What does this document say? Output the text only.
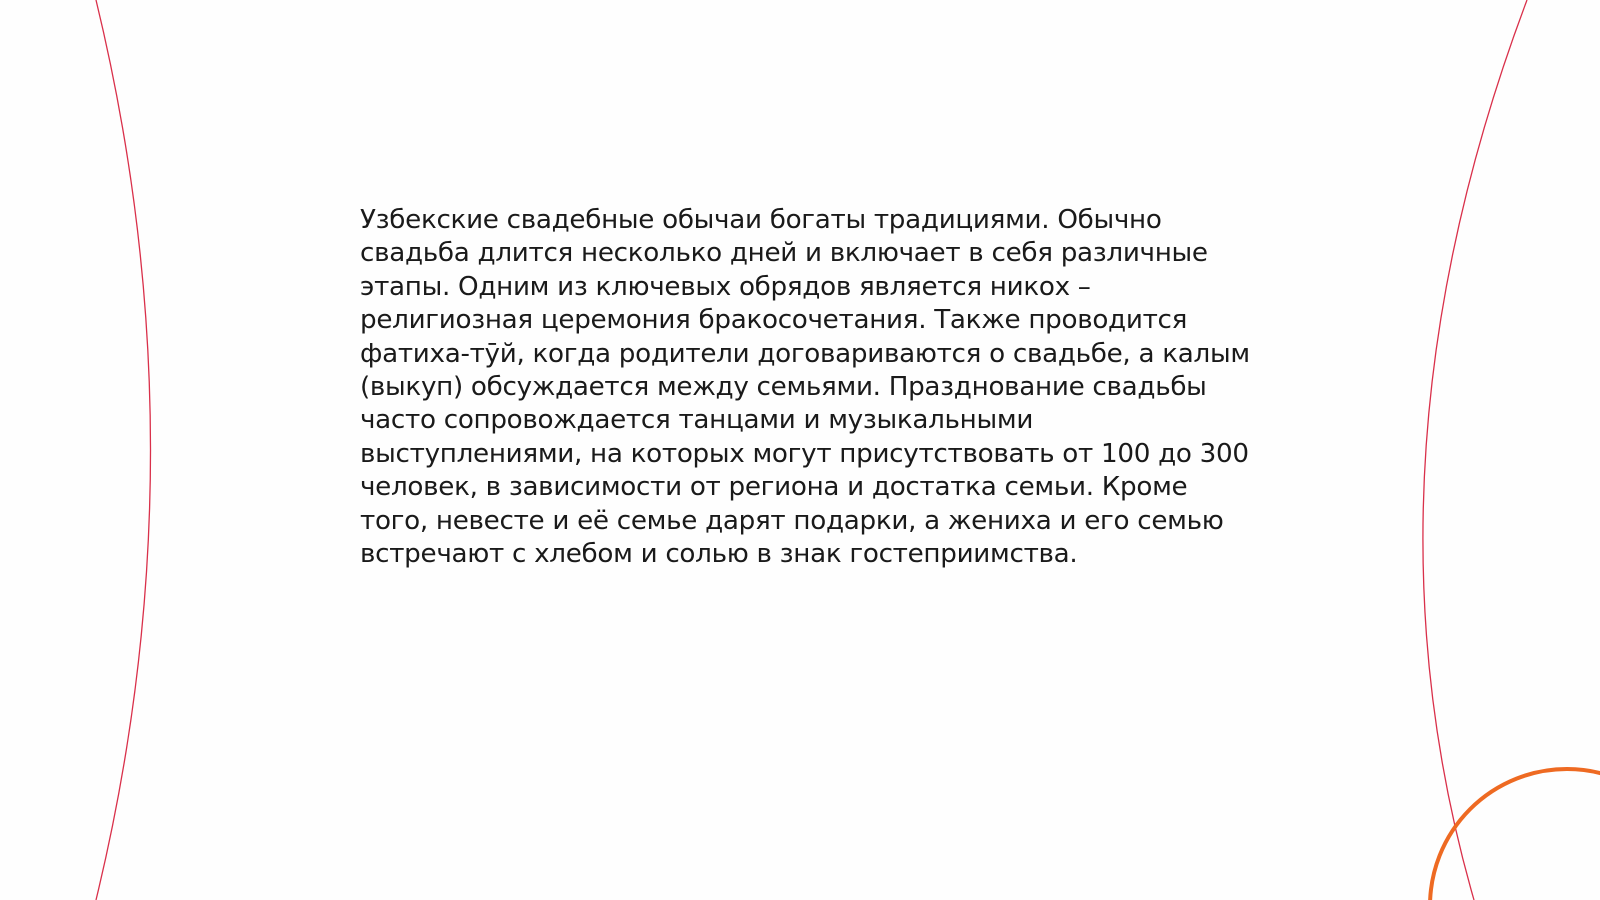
Узбекские свадебные обычаи богаты традициями. Обычно
свадьба длится несколько дней и включает в себя различные
этапы. Одним из ключевых обрядов является никох –
религиозная церемония бракосочетания. Также проводится
фатиха-тӯй, когда родители договариваются о свадьбе, а калым
(выкуп) обсуждается между семьями. Празднование свадьбы
часто сопровождается танцами и музыкальными
выступлениями, на которых могут присутствовать от 100 до 300
человек, в зависимости от региона и достатка семьи. Кроме
того, невесте и её семье дарят подарки, а жениха и его семью
встречают с хлебом и солью в знак гостеприимства.
